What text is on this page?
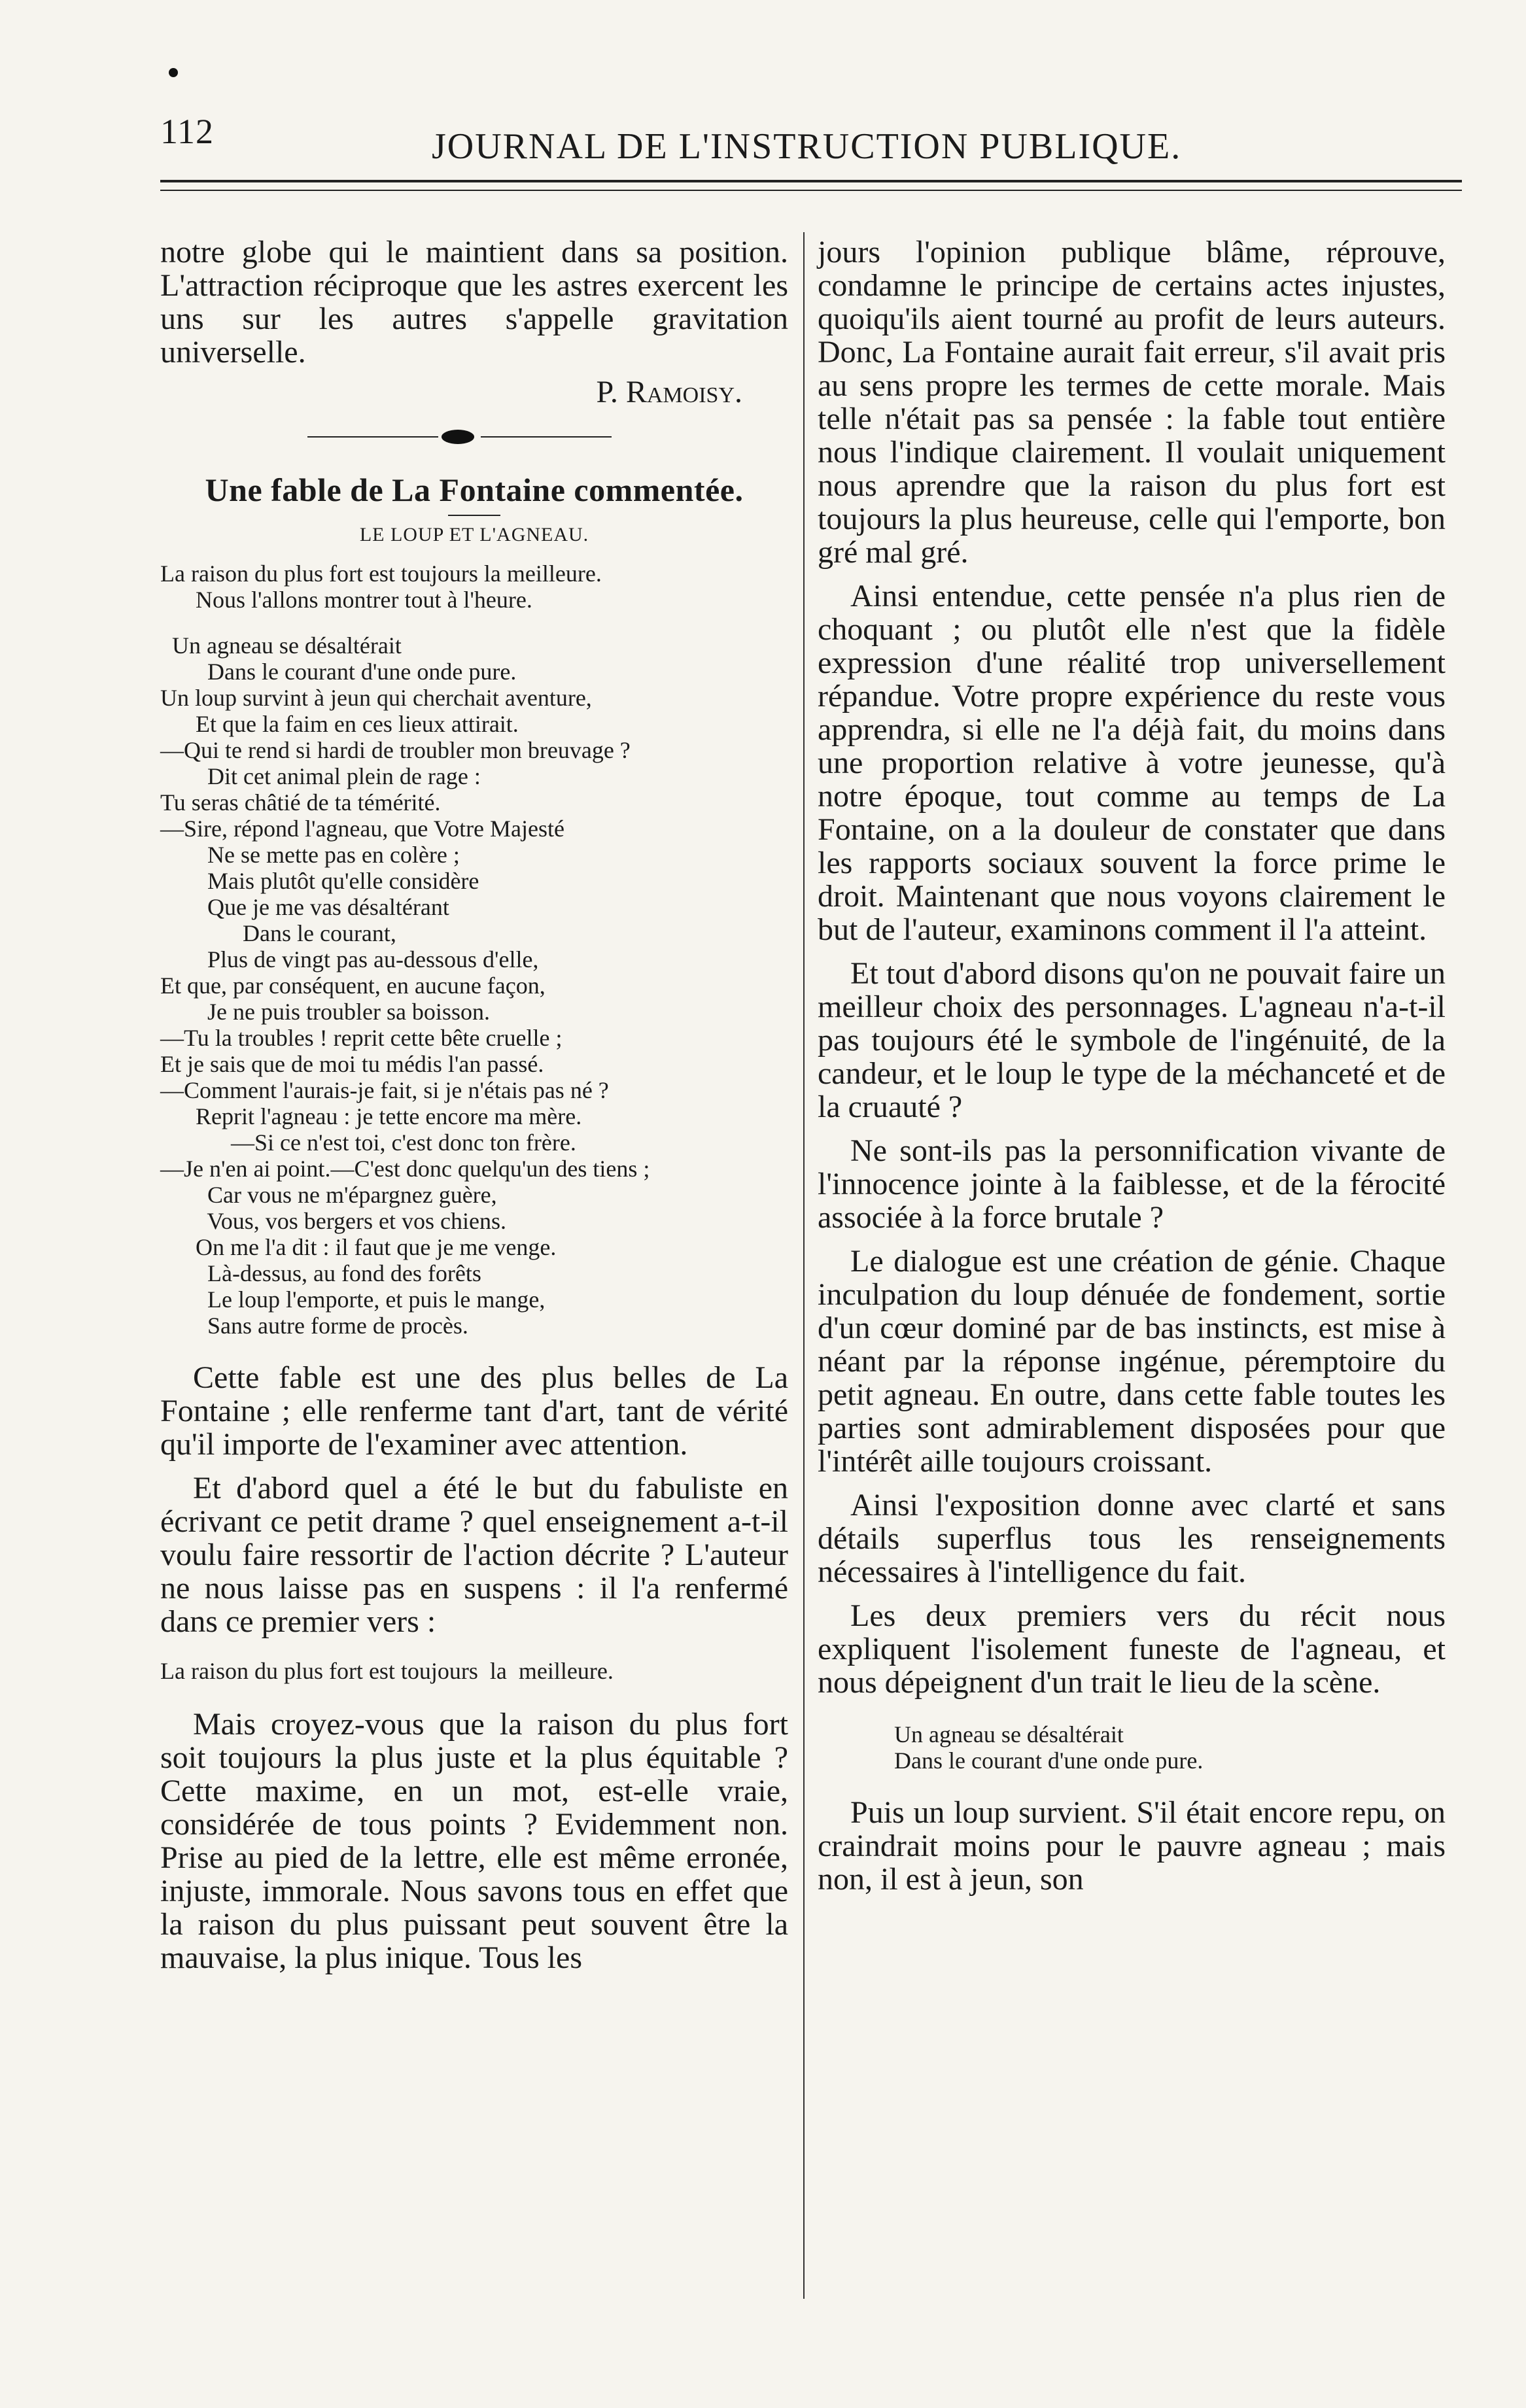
112	JOURNAL DE L'INSTRUCTION PUBLIQUE.

notre globe qui le maintient dans sa position. L'attraction réciproque que les astres exercent les uns sur les autres s'appelle gravitation universelle.

P. Ramoisy.

Une fable de La Fontaine commentée.
LE LOUP ET L'AGNEAU.

La raison du plus fort est toujours la meilleure.

Nous l'allons montrer tout à l'heure.

Un agneau se désaltérait

Dans le courant d'une onde pure.

Un loup survint à jeun qui cherchait aventure,

Et que la faim en ces lieux attirait.

—Qui te rend si hardi de troubler mon breuvage ?

Dit cet animal plein de rage :

Tu seras châtié de ta témérité.

—Sire, répond l'agneau, que Votre Majesté

Ne se mette pas en colère ;

Mais plutôt qu'elle considère

Que je me vas désaltérant

Dans le courant,

Plus de vingt pas au-dessous d'elle,

Et que, par conséquent, en aucune façon,

Je ne puis troubler sa boisson.

—Tu la troubles ! reprit cette bête cruelle ;

Et je sais que de moi tu médis l'an passé.

—Comment l'aurais-je fait, si je n'étais pas né ?

Reprit l'agneau : je tette encore ma mère.

—Si ce n'est toi, c'est donc ton frère.

—Je n'en ai point.—C'est donc quelqu'un des tiens ;

Car vous ne m'épargnez guère,

Vous, vos bergers et vos chiens.

On me l'a dit : il faut que je me venge.

Là-dessus, au fond des forêts

Le loup l'emporte, et puis le mange,

Sans autre forme de procès.

Cette fable est une des plus belles de La Fontaine ; elle renferme tant d'art, tant de vérité qu'il importe de l'examiner avec attention.

Et d'abord quel a été le but du fabuliste en écrivant ce petit drame ? quel enseignement a-t-il voulu faire ressortir de l'action décrite ? L'auteur ne nous laisse pas en suspens : il l'a renfermé dans ce premier vers :

La raison du plus fort est toujours  la  meilleure.

Mais croyez-vous que la raison du plus fort soit toujours la plus juste et la plus équitable ? Cette maxime, en un mot, est-elle vraie, considérée de tous points ? Evidemment non. Prise au pied de la lettre, elle est même erronée, injuste, immorale. Nous savons tous en effet que la raison du plus puissant peut souvent être la mauvaise, la plus inique. Tous les

jours l'opinion publique blâme, réprouve, condamne le principe de certains actes injustes, quoiqu'ils aient tourné au profit de leurs auteurs. Donc, La Fontaine aurait fait erreur, s'il avait pris au sens propre les termes de cette morale. Mais telle n'était pas sa pensée : la fable tout entière nous l'indique clairement. Il voulait uniquement nous aprendre que la raison du plus fort est toujours la plus heureuse, celle qui l'emporte, bon gré mal gré.

Ainsi entendue, cette pensée n'a plus rien de choquant ; ou plutôt elle n'est que la fidèle expression d'une réalité trop universellement répandue. Votre propre expérience du reste vous apprendra, si elle ne l'a déjà fait, du moins dans une proportion relative à votre jeunesse, qu'à notre époque, tout comme au temps de La Fontaine, on a la douleur de constater que dans les rapports sociaux souvent la force prime le droit. Maintenant que nous voyons clairement le but de l'auteur, examinons comment il l'a atteint.

Et tout d'abord disons qu'on ne pouvait faire un meilleur choix des personnages. L'agneau n'a-t-il pas toujours été le symbole de l'ingénuité, de la candeur, et le loup le type de la méchanceté et de la cruauté ?

Ne sont-ils pas la personnification vivante de l'innocence jointe à la faiblesse, et de la férocité associée à la force brutale ?

Le dialogue est une création de génie. Chaque inculpation du loup dénuée de fondement, sortie d'un cœur dominé par de bas instincts, est mise à néant par la réponse ingénue, péremptoire du petit agneau. En outre, dans cette fable toutes les parties sont admirablement disposées pour que l'intérêt aille toujours croissant.

Ainsi l'exposition donne avec clarté et sans détails superflus tous les renseignements nécessaires à l'intelligence du fait.

Les deux premiers vers du récit nous expliquent l'isolement funeste de l'agneau, et nous dépeignent d'un trait le lieu de la scène.

Un agneau se désaltérait

Dans le courant d'une onde pure.

Puis un loup survient. S'il était encore repu, on craindrait moins pour le pauvre agneau ; mais non, il est à jeun, son
